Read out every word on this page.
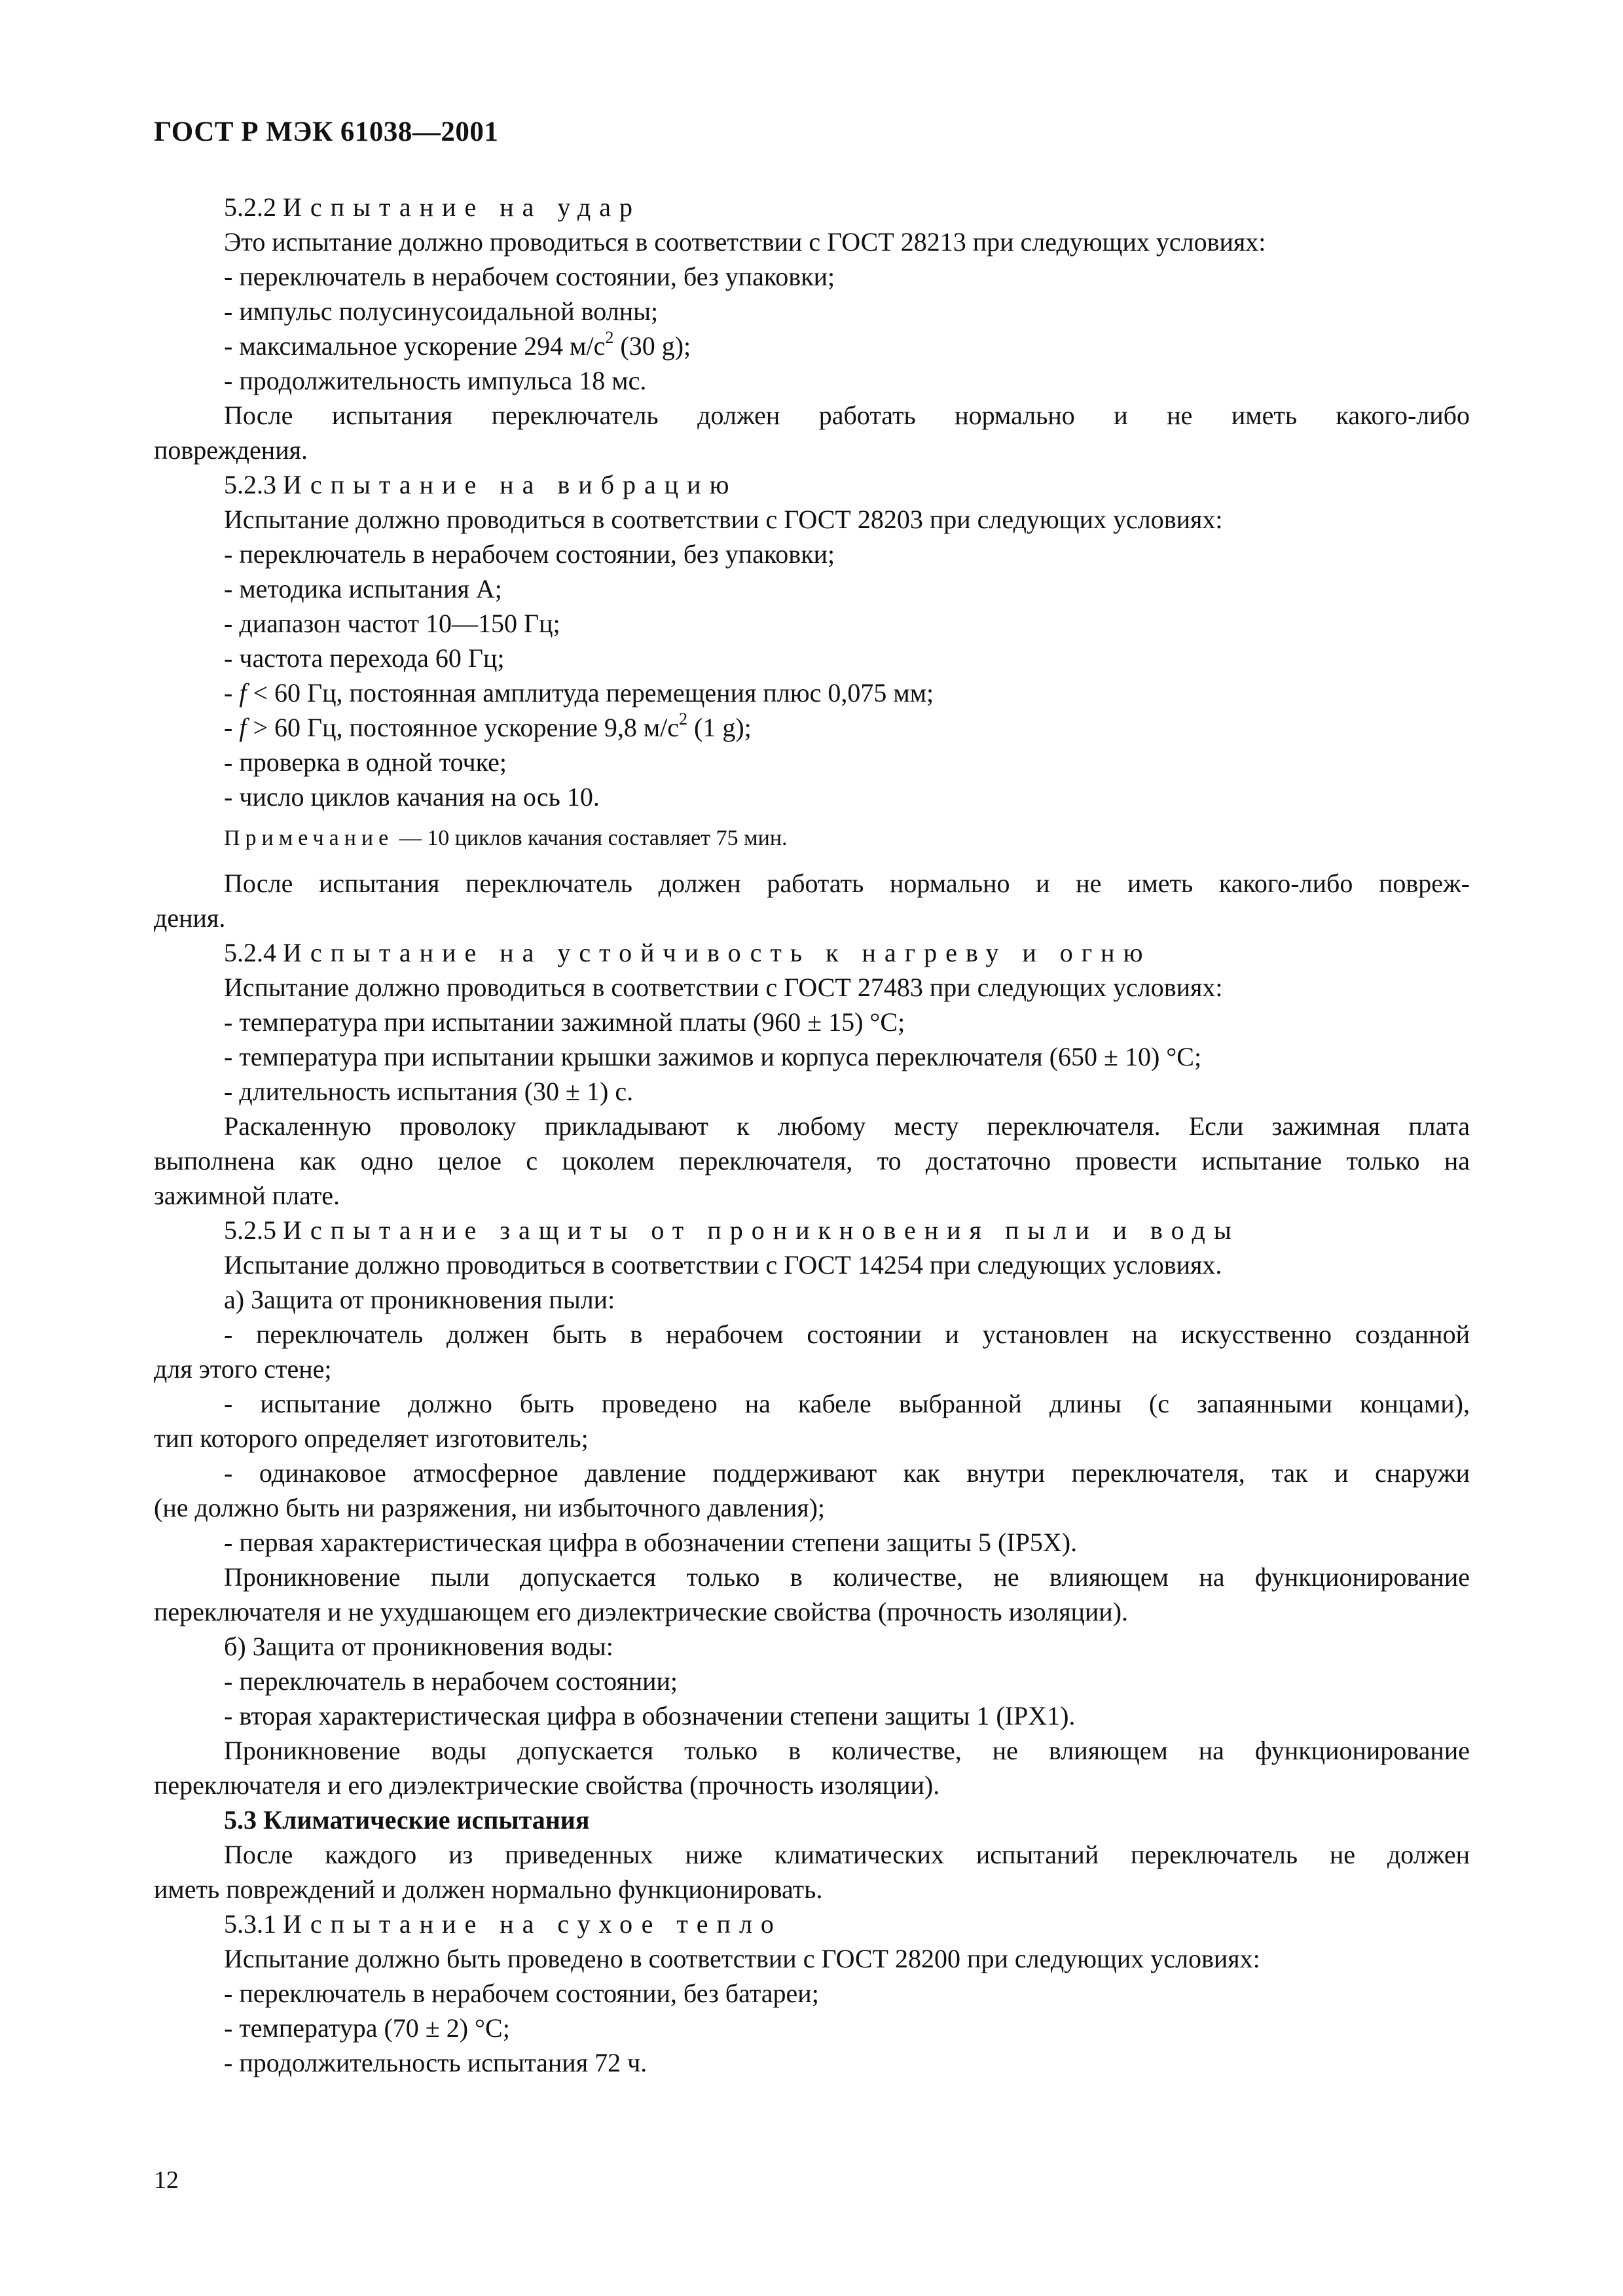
ГОСТ Р МЭК 61038—2001
5.2.2 Испытание на удар
Это испытание должно проводиться в соответствии с ГОСТ 28213 при следующих условиях:
- переключатель в нерабочем состоянии, без упаковки;
- импульс полусинусоидальной волны;
- максимальное ускорение 294 $м/с^2$ (30 g);
- продолжительность импульса 18 мс.
После испытания переключатель должен работать нормально и не иметь какого-либо
повреждения.
5.2.3 Испытание на вибрацию
Испытание должно проводиться в соответствии с ГОСТ 28203 при следующих условиях:
- переключатель в нерабочем состоянии, без упаковки;
- методика испытания А;
- диапазон частот 10—150 Гц;
- частота перехода 60 Гц;
- f < 60 Гц, постоянная амплитуда перемещения плюс 0,075 мм;
- f > 60 Гц, постоянное ускорение 9,8 $м/с^2$ (1 g);
- проверка в одной точке;
- число циклов качания на ось 10.
Примечание — 10 циклов качания составляет 75 мин.
После испытания переключатель должен работать нормально и не иметь какого-либо повреж-
дения.
5.2.4 Испытание на устойчивость к нагреву и огню
Испытание должно проводиться в соответствии с ГОСТ 27483 при следующих условиях:
- температура при испытании зажимной платы (960 ± 15) °С;
- температура при испытании крышки зажимов и корпуса переключателя (650 ± 10) °С;
- длительность испытания (30 ± 1) с.
Раскаленную проволоку прикладывают к любому месту переключателя. Если зажимная плата
выполнена как одно целое с цоколем переключателя, то достаточно провести испытание только на
зажимной плате.
5.2.5 Испытание защиты от проникновения пыли и воды
Испытание должно проводиться в соответствии с ГОСТ 14254 при следующих условиях.
а) Защита от проникновения пыли:
- переключатель должен быть в нерабочем состоянии и установлен на искусственно созданной
для этого стене;
- испытание должно быть проведено на кабеле выбранной длины (с запаянными концами),
тип которого определяет изготовитель;
- одинаковое атмосферное давление поддерживают как внутри переключателя, так и снаружи
(не должно быть ни разряжения, ни избыточного давления);
- первая характеристическая цифра в обозначении степени защиты 5 (IP5X).
Проникновение пыли допускается только в количестве, не влияющем на функционирование
переключателя и не ухудшающем его диэлектрические свойства (прочность изоляции).
б) Защита от проникновения воды:
- переключатель в нерабочем состоянии;
- вторая характеристическая цифра в обозначении степени защиты 1 (IPX1).
Проникновение воды допускается только в количестве, не влияющем на функционирование
переключателя и его диэлектрические свойства (прочность изоляции).
5.3 Климатические испытания
После каждого из приведенных ниже климатических испытаний переключатель не должен
иметь повреждений и должен нормально функционировать.
5.3.1 Испытание на сухое тепло
Испытание должно быть проведено в соответствии с ГОСТ 28200 при следующих условиях:
- переключатель в нерабочем состоянии, без батареи;
- температура (70 ± 2) °С;
- продолжительность испытания 72 ч.
12
